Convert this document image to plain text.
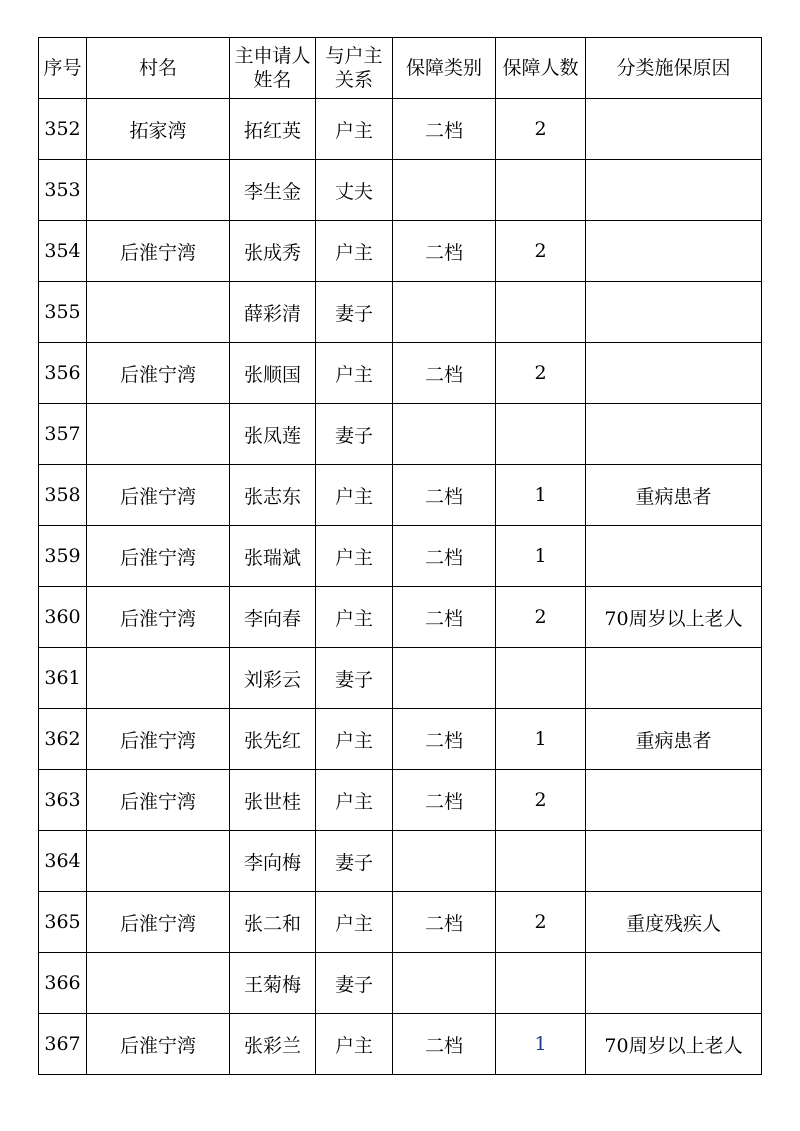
序号	村名	主申请人姓名	与户主关系	保障类别	保障人数	分类施保原因

352	拓家湾	拓红英	户主	二档	2	
353		李生金	丈夫			
354	后淮宁湾	张成秀	户主	二档	2	
355		薛彩清	妻子			
356	后淮宁湾	张顺国	户主	二档	2	
357		张凤莲	妻子			
358	后淮宁湾	张志东	户主	二档	1	重病患者
359	后淮宁湾	张瑞斌	户主	二档	1	
360	后淮宁湾	李向春	户主	二档	2	70周岁以上老人
361		刘彩云	妻子			
362	后淮宁湾	张先红	户主	二档	1	重病患者
363	后淮宁湾	张世桂	户主	二档	2	
364		李向梅	妻子			
365	后淮宁湾	张二和	户主	二档	2	重度残疾人
366		王菊梅	妻子			
367	后淮宁湾	张彩兰	户主	二档	1	70周岁以上老人
